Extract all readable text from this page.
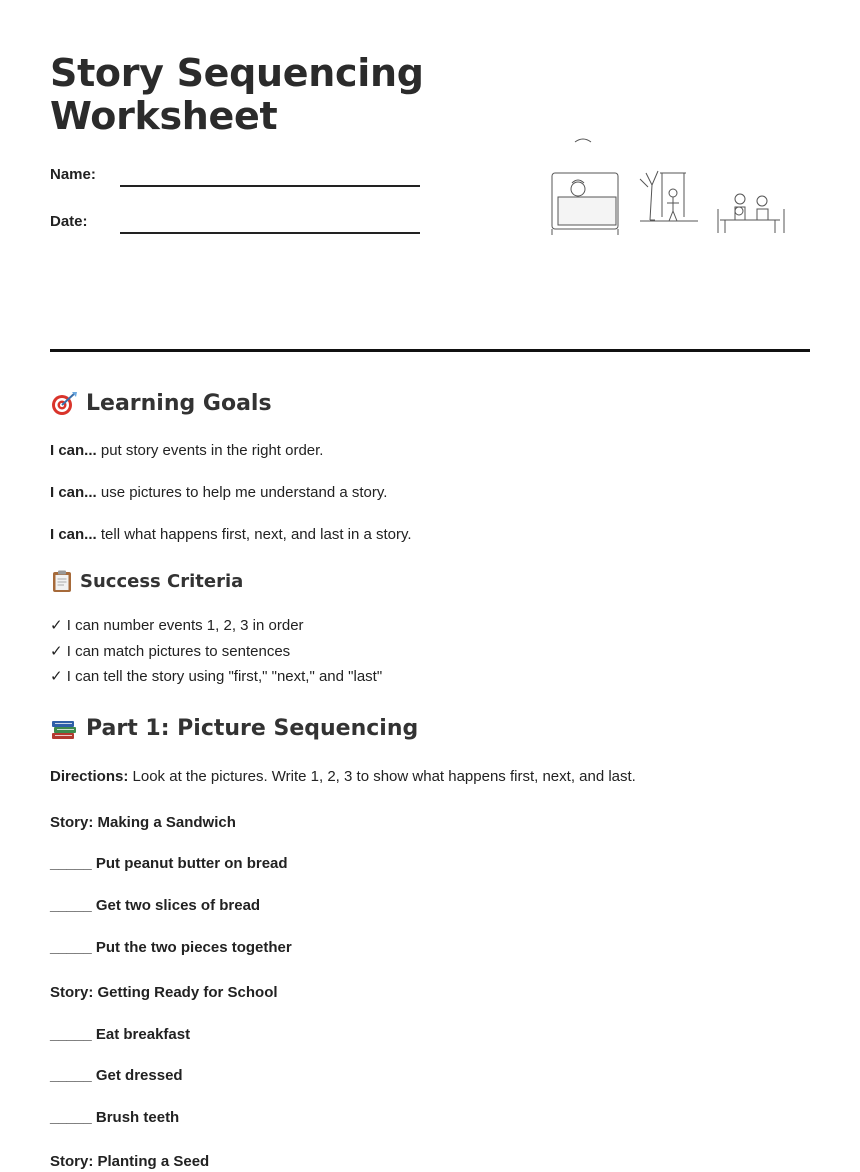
Story Sequencing
Worksheet
Name:
Date:
Learning Goals
I can... put story events in the right order.
I can... use pictures to help me understand a story.
I can... tell what happens first, next, and last in a story.
Success Criteria
✓ I can number events 1, 2, 3 in order
✓ I can match pictures to sentences
✓ I can tell the story using "first," "next," and "last"
Part 1: Picture Sequencing
Directions: Look at the pictures. Write 1, 2, 3 to show what happens first, next, and last.
Story: Making a Sandwich
_____ Put peanut butter on bread
_____ Get two slices of bread
_____ Put the two pieces together
Story: Getting Ready for School
_____ Eat breakfast
_____ Get dressed
_____ Brush teeth
Story: Planting a Seed
